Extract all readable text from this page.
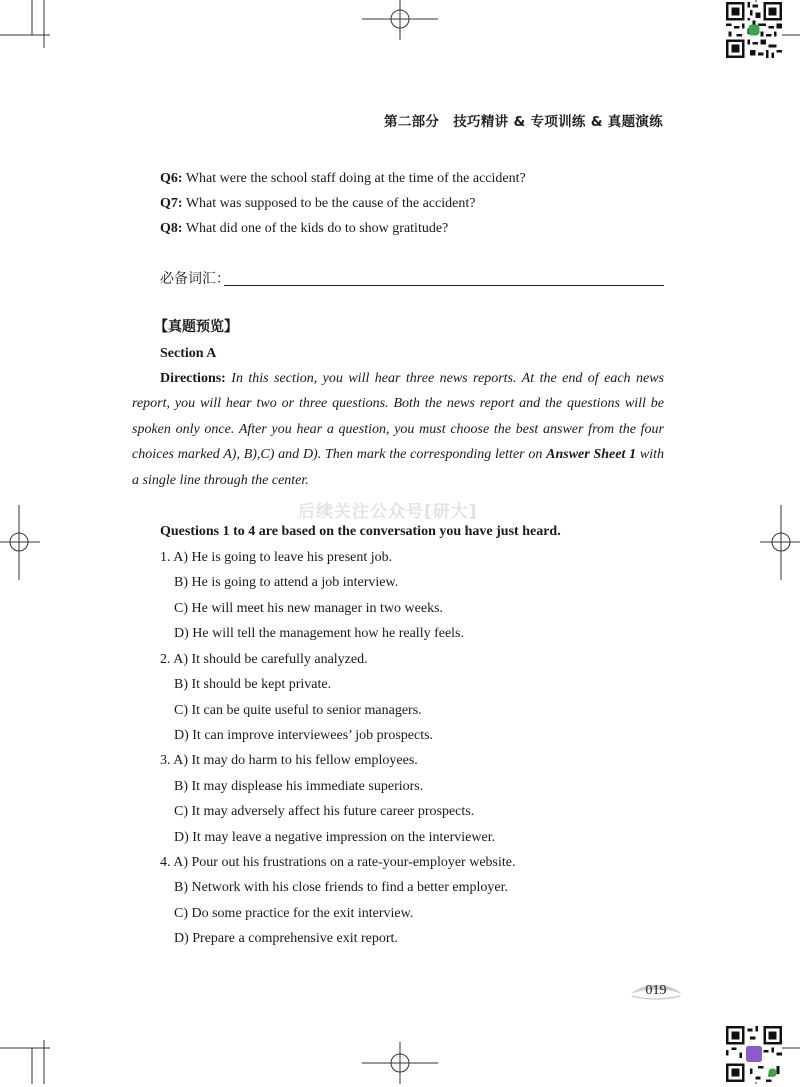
第二部分 技巧精讲 & 专项训练 & 真题演练
Q6: What were the school staff doing at the time of the accident?
Q7: What was supposed to be the cause of the accident?
Q8: What did one of the kids do to show gratitude?
必备词汇：
【真题预览】
Section A
Directions: In this section, you will hear three news reports. At the end of each news report, you will hear two or three questions. Both the news report and the questions will be spoken only once. After you hear a question, you must choose the best answer from the four choices marked A), B),C) and D). Then mark the corresponding letter on Answer Sheet 1 with a single line through the center.
后续关注公众号[研大]
Questions 1 to 4 are based on the conversation you have just heard.
1. A) He is going to leave his present job.
B) He is going to attend a job interview.
C) He will meet his new manager in two weeks.
D) He will tell the management how he really feels.
2. A) It should be carefully analyzed.
B) It should be kept private.
C) It can be quite useful to senior managers.
D) It can improve interviewees’ job prospects.
3. A) It may do harm to his fellow employees.
B) It may displease his immediate superiors.
C) It may adversely affect his future career prospects.
D) It may leave a negative impression on the interviewer.
4. A) Pour out his frustrations on a rate-your-employer website.
B) Network with his close friends to find a better employer.
C) Do some practice for the exit interview.
D) Prepare a comprehensive exit report.
019
